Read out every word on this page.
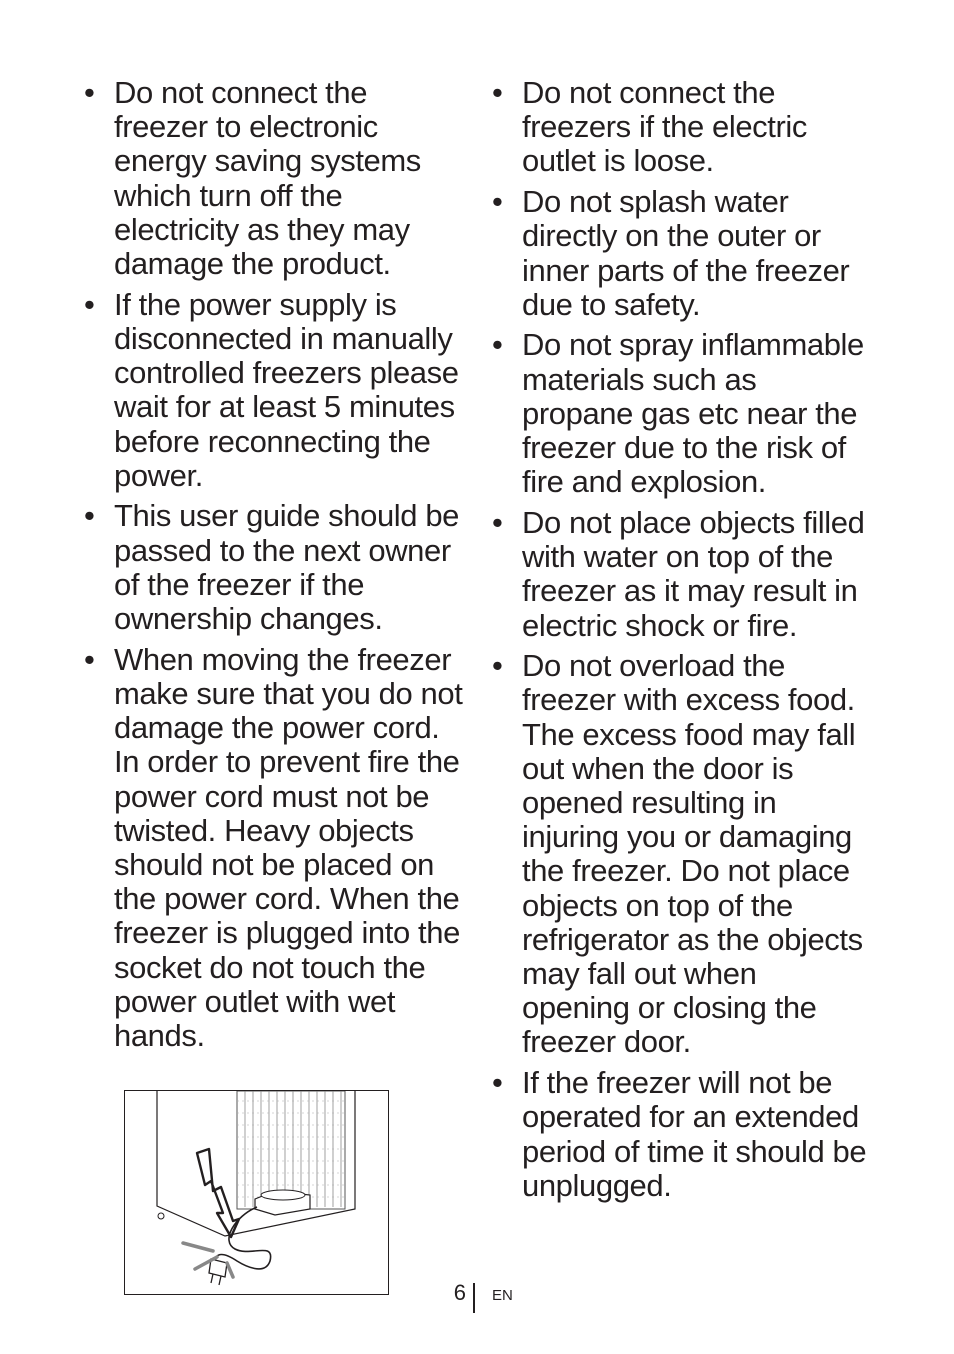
• Do not connect the freezer to electronic energy saving systems which turn off the electricity as they may damage the product.
• If the power supply is disconnected in manually controlled freezers please wait for at least 5 minutes before reconnecting the power.
• This user guide should be passed to the next owner of the freezer if the ownership changes.
• When moving the freezer make sure that you do not damage the power cord. In order to prevent fire the power cord must not be twisted. Heavy objects should not be placed on the power cord. When the freezer is plugged into the socket do not touch the power outlet with wet hands.
• Do not connect the freezers if the electric outlet is loose.
• Do not splash water directly on the outer or inner parts of the freezer due to safety.
• Do not spray inflammable materials such as propane gas etc near the freezer due to the risk of fire and explosion.
• Do not place objects filled with water on top of the freezer as it may result in electric shock or fire.
• Do not overload the freezer with excess food. The excess food may fall out when the door is opened resulting in injuring you or damaging the freezer. Do not place objects on top of the refrigerator as the objects may fall out when opening or closing the freezer door.
• If the freezer will not be operated for an extended period of time it should be unplugged.
6 EN
